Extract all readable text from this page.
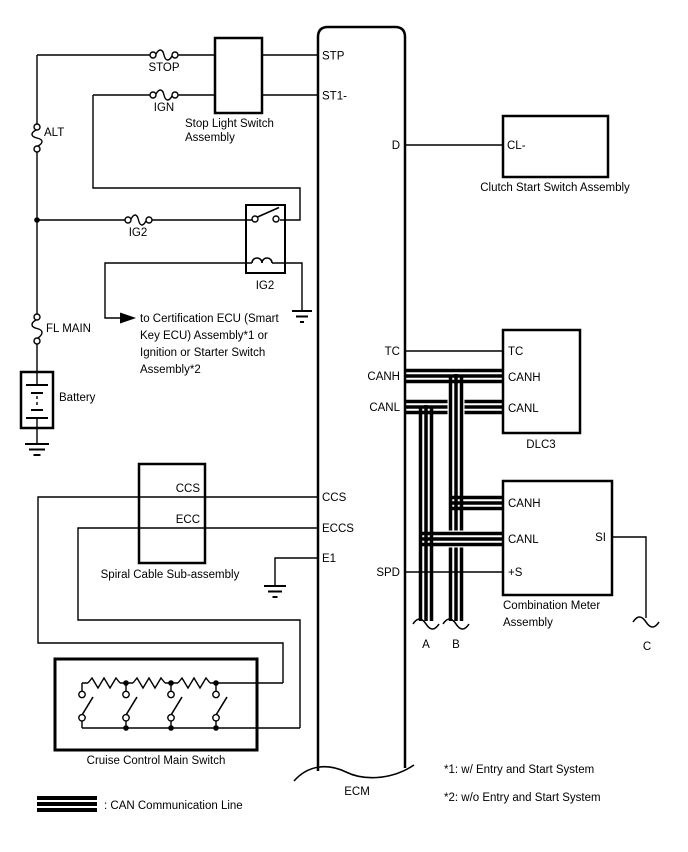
STP
ST1-
CCS
ECCS
E1
D
TC
CANH
CANL
SPD
ECM
STOP
IGN
ALT
IG2
FL MAIN
IG2
Battery
Stop Light Switch
Assembly
CL-
Clutch Start Switch Assembly
to Certification ECU (Smart
Key ECU) Assembly*1 or
Ignition or Starter Switch
Assembly*2
TC
CANH
CANL
DLC3
CANH
CANL
+S
SI
Combination Meter
Assembly
CCS
ECC
Spiral Cable Sub-assembly
Cruise Control Main Switch
A B	C
: CAN Communication Line
*1: w/ Entry and Start System
*2: w/o Entry and Start System
